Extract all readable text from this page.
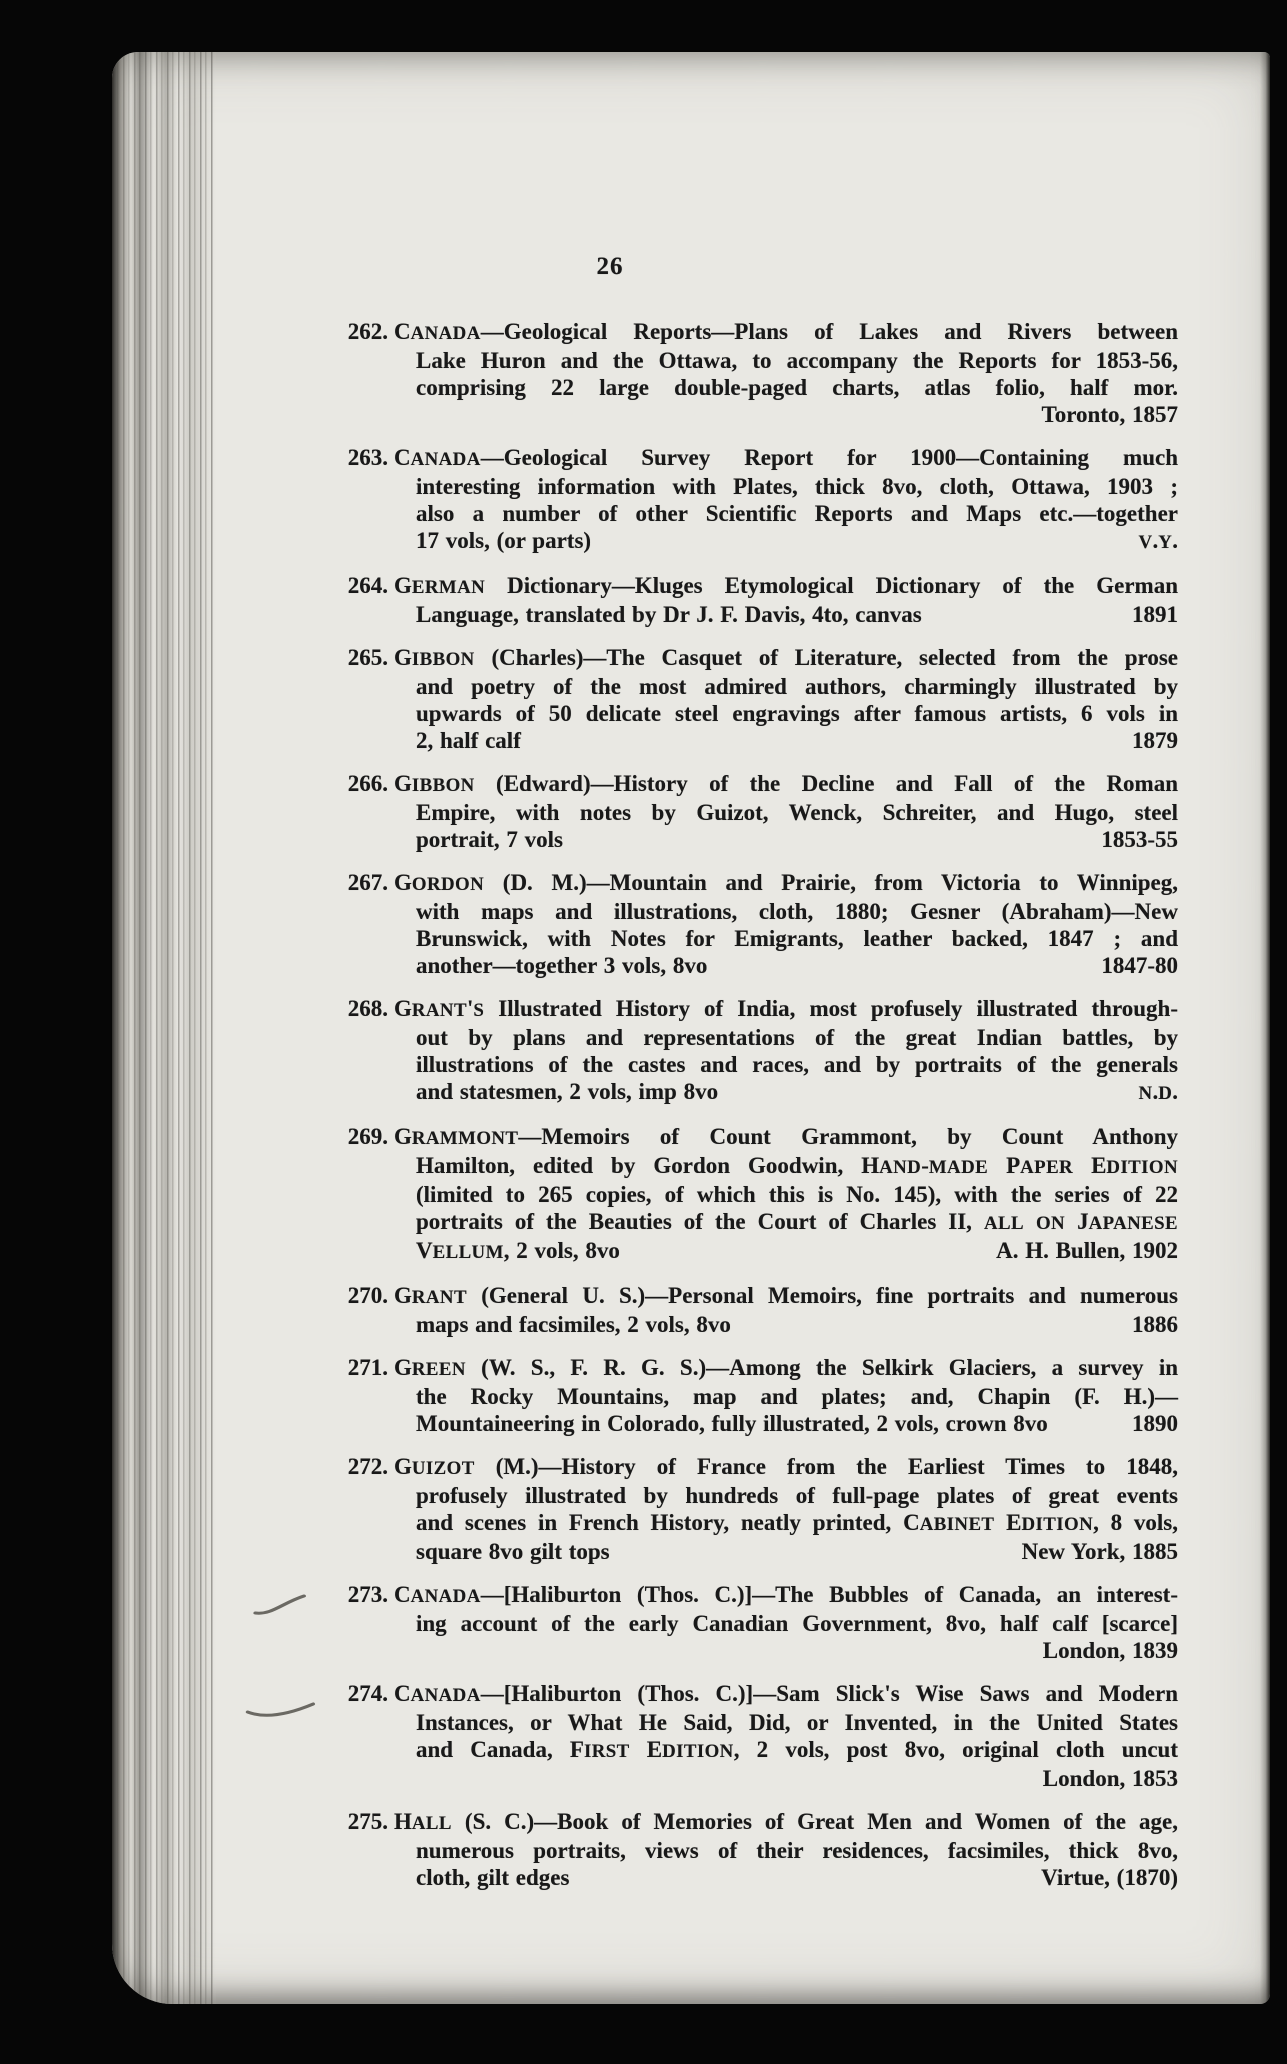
26
262. CANADA—Geological Reports—Plans of Lakes and Rivers between
Lake Huron and the Ottawa, to accompany the Reports for 1853-56,
comprising 22 large double-paged charts, atlas folio, half mor.
Toronto, 1857
263. CANADA—Geological Survey Report for 1900—Containing much
interesting information with Plates, thick 8vo, cloth, Ottawa, 1903 ;
also a number of other Scientific Reports and Maps etc.—together
17 vols, (or parts)	V.Y.
264. GERMAN Dictionary—Kluges Etymological Dictionary of the German
Language, translated by Dr J. F. Davis, 4to, canvas	1891
265. GIBBON (Charles)—The Casquet of Literature, selected from the prose
and poetry of the most admired authors, charmingly illustrated by
upwards of 50 delicate steel engravings after famous artists, 6 vols in
2, half calf	1879
266. GIBBON (Edward)—History of the Decline and Fall of the Roman
Empire, with notes by Guizot, Wenck, Schreiter, and Hugo, steel
portrait, 7 vols	1853-55
267. GORDON (D. M.)—Mountain and Prairie, from Victoria to Winnipeg,
with maps and illustrations, cloth, 1880; Gesner (Abraham)—New
Brunswick, with Notes for Emigrants, leather backed, 1847 ; and
another—together 3 vols, 8vo	1847-80
268. GRANT'S Illustrated History of India, most profusely illustrated through-
out by plans and representations of the great Indian battles, by
illustrations of the castes and races, and by portraits of the generals
and statesmen, 2 vols, imp 8vo	N.D.
269. GRAMMONT—Memoirs of Count Grammont, by Count Anthony
Hamilton, edited by Gordon Goodwin, HAND-MADE PAPER EDITION
(limited to 265 copies, of which this is No. 145), with the series of 22
portraits of the Beauties of the Court of Charles II, ALL ON JAPANESE
VELLUM, 2 vols, 8vo	A. H. Bullen, 1902
270. GRANT (General U. S.)—Personal Memoirs, fine portraits and numerous
maps and facsimiles, 2 vols, 8vo	1886
271. GREEN (W. S., F. R. G. S.)—Among the Selkirk Glaciers, a survey in
the Rocky Mountains, map and plates; and, Chapin (F. H.)—
Mountaineering in Colorado, fully illustrated, 2 vols, crown 8vo	1890
272. GUIZOT (M.)—History of France from the Earliest Times to 1848,
profusely illustrated by hundreds of full-page plates of great events
and scenes in French History, neatly printed, CABINET EDITION, 8 vols,
square 8vo gilt tops	New York, 1885
273. CANADA—[Haliburton (Thos. C.)]—The Bubbles of Canada, an interest-
ing account of the early Canadian Government, 8vo, half calf [scarce]
London, 1839
274. CANADA—[Haliburton (Thos. C.)]—Sam Slick's Wise Saws and Modern
Instances, or What He Said, Did, or Invented, in the United States
and Canada, FIRST EDITION, 2 vols, post 8vo, original cloth uncut
London, 1853
275. HALL (S. C.)—Book of Memories of Great Men and Women of the age,
numerous portraits, views of their residences, facsimiles, thick 8vo,
cloth, gilt edges	Virtue, (1870)
